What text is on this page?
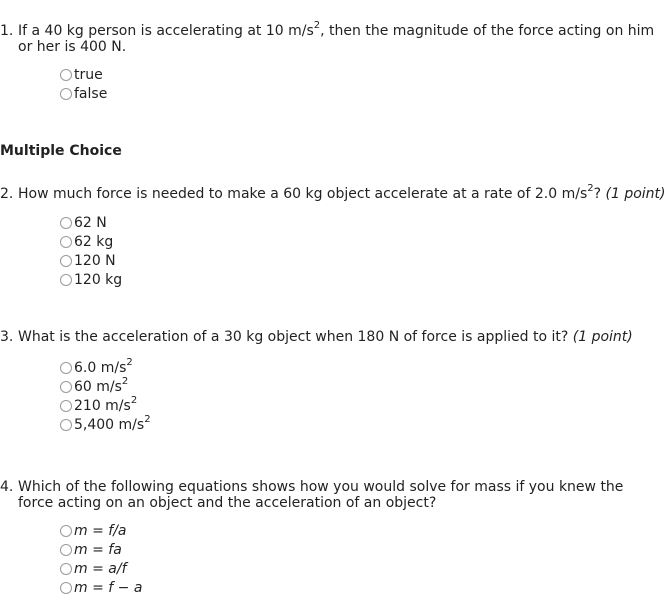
1. If a 40 kg person is accelerating at 10 $m/s^2$, then the magnitude of the force acting on him
or her is 400 N.
true
false
Multiple Choice
2. How much force is needed to make a 60 kg object accelerate at a rate of 2.0 $m/s^2$? (1 point)
62 N
62 kg
120 N
120 kg
3. What is the acceleration of a 30 kg object when 180 N of force is applied to it? (1 point)
6.0 $m/s^2$
60 $m/s^2$
210 $m/s^2$
5,400 $m/s^2$
4. Which of the following equations shows how you would solve for mass if you knew the
force acting on an object and the acceleration of an object?
m = f/a
m = fa
m = a/f
m = f − a
